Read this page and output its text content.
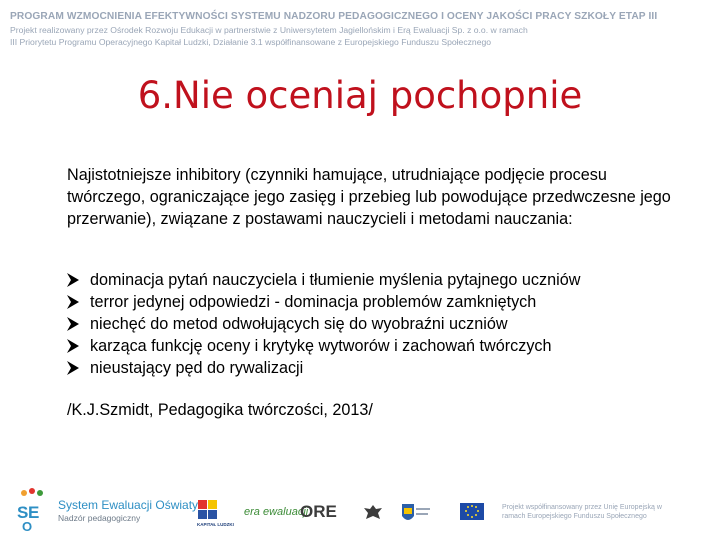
PROGRAM WZMOCNIENIA EFEKTYWNOŚCI SYSTEMU NADZORU PEDAGOGICZNEGO I OCENY JAKOŚCI PRACY SZKOŁY ETAP III
Projekt realizowany przez Ośrodek Rozwoju Edukacji w partnerstwie z Uniwersytetem Jagiellońskim i Erą Ewaluacji Sp. z o.o. w ramach
III Priorytetu Programu Operacyjnego Kapitał Ludzki, Działanie 3.1 współfinansowane z Europejskiego Funduszu Społecznego
6.Nie oceniaj pochopnie
Najistotniejsze inhibitory (czynniki hamujące, utrudniające podjęcie procesu twórczego, ograniczające jego zasięg i przebieg lub powodujące przedwczesne jego przerwanie), związane z postawami nauczycieli i metodami nauczania:
dominacja pytań nauczyciela i tłumienie myślenia pytajnego uczniów
terror jedynej odpowiedzi - dominacja problemów zamkniętych
niechęć do metod odwołujących się do wyobraźni uczniów
karząca funkcję oceny i krytykę wytworów i zachowań twórczych
nieustający pęd do rywalizacji
/K.J.Szmidt, Pedagogika twórczości, 2013/
S E
O
System Ewaluacji Oświaty
Nadzór pedagogiczny
KAPITAŁ LUDZKI
era ewaluacji
ORE	Projekt współfinansowany przez Unię Europejską w ramach Europejskiego Funduszu Społecznego
